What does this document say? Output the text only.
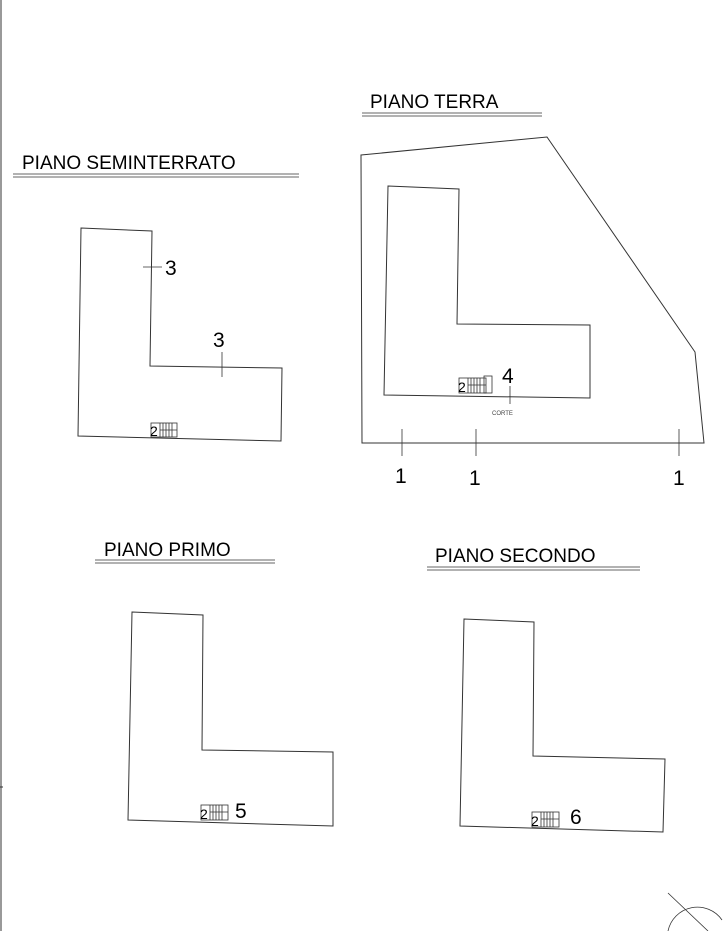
PIANO SEMINTERRATO
3
3
2
PIANO TERRA
2 4
CORTE
1	1	1
PIANO PRIMO
2 5
PIANO SECONDO
2 6
